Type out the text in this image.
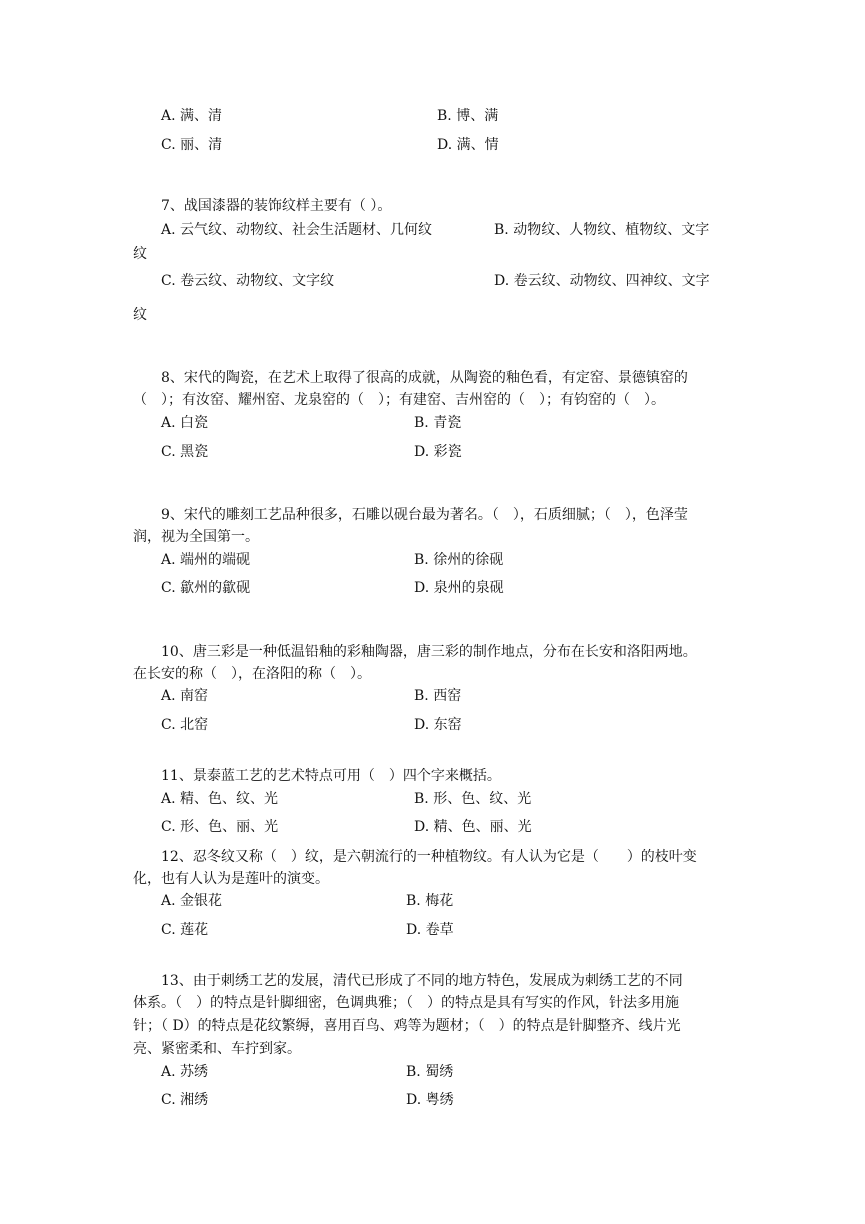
A. 满、清	B. 博、满
C. 丽、清	D. 满、情
7、战国漆器的装饰纹样主要有（ ）。
A. 云气纹、动物纹、社会生活题材、几何纹	B. 动物纹、人物纹、植物纹、文字
纹
C. 卷云纹、动物纹、文字纹	D. 卷云纹、动物纹、四神纹、文字
纹
8、宋代的陶瓷，在艺术上取得了很高的成就，从陶瓷的釉色看，有定窑、景德镇窑的
（　）；有汝窑、耀州窑、龙泉窑的（　）；有建窑、吉州窑的（　）；有钧窑的（　）。
A. 白瓷	B. 青瓷
C. 黑瓷	D. 彩瓷
9、宋代的雕刻工艺品种很多，石雕以砚台最为著名。（　），石质细腻；（　），色泽莹
润，视为全国第一。
A. 端州的端砚	B. 徐州的徐砚
C. 歙州的歙砚	D. 泉州的泉砚
10、唐三彩是一种低温铅釉的彩釉陶器，唐三彩的制作地点，分布在长安和洛阳两地。
在长安的称（　），在洛阳的称（　）。
A. 南窑	B. 西窑
C. 北窑	D. 东窑
11、景泰蓝工艺的艺术特点可用（　）四个字来概括。
A. 精、色、纹、光	B. 形、色、纹、光
C. 形、色、丽、光	D. 精、色、丽、光
12、忍冬纹又称（　）纹，是六朝流行的一种植物纹。有人认为它是（　　）的枝叶变
化，也有人认为是莲叶的演变。
A. 金银花	B. 梅花
C. 莲花	D. 卷草
13、由于刺绣工艺的发展，清代已形成了不同的地方特色，发展成为刺绣工艺的不同
体系。（　）的特点是针脚细密，色调典雅；（　）的特点是具有写实的作风，针法多用施
针；（ D）的特点是花纹繁缛，喜用百鸟、鸡等为题材；（　）的特点是针脚整齐、线片光
亮、紧密柔和、车拧到家。
A. 苏绣	B. 蜀绣
C. 湘绣	D. 粤绣
